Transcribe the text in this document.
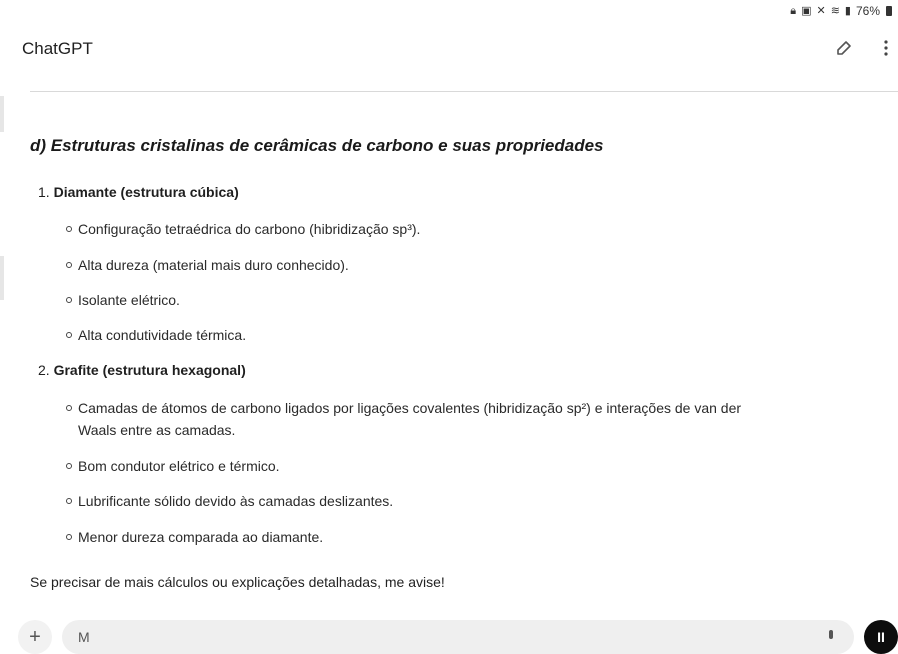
🔒︎ ▣ ✕ ≋ ▮ 76%
ChatGPT
d) Estruturas cristalinas de cerâmicas de carbono e suas propriedades
1. Diamante (estrutura cúbica)
Configuração tetraédrica do carbono (hibridização sp³).
Alta dureza (material mais duro conhecido).
Isolante elétrico.
Alta condutividade térmica.
2. Grafite (estrutura hexagonal)
Camadas de átomos de carbono ligados por ligações covalentes (hibridização sp²) e interações de van der
Waals entre as camadas.
Bom condutor elétrico e térmico.
Lubrificante sólido devido às camadas deslizantes.
Menor dureza comparada ao diamante.
Se precisar de mais cálculos ou explicações detalhadas, me avise!
+	M	II
